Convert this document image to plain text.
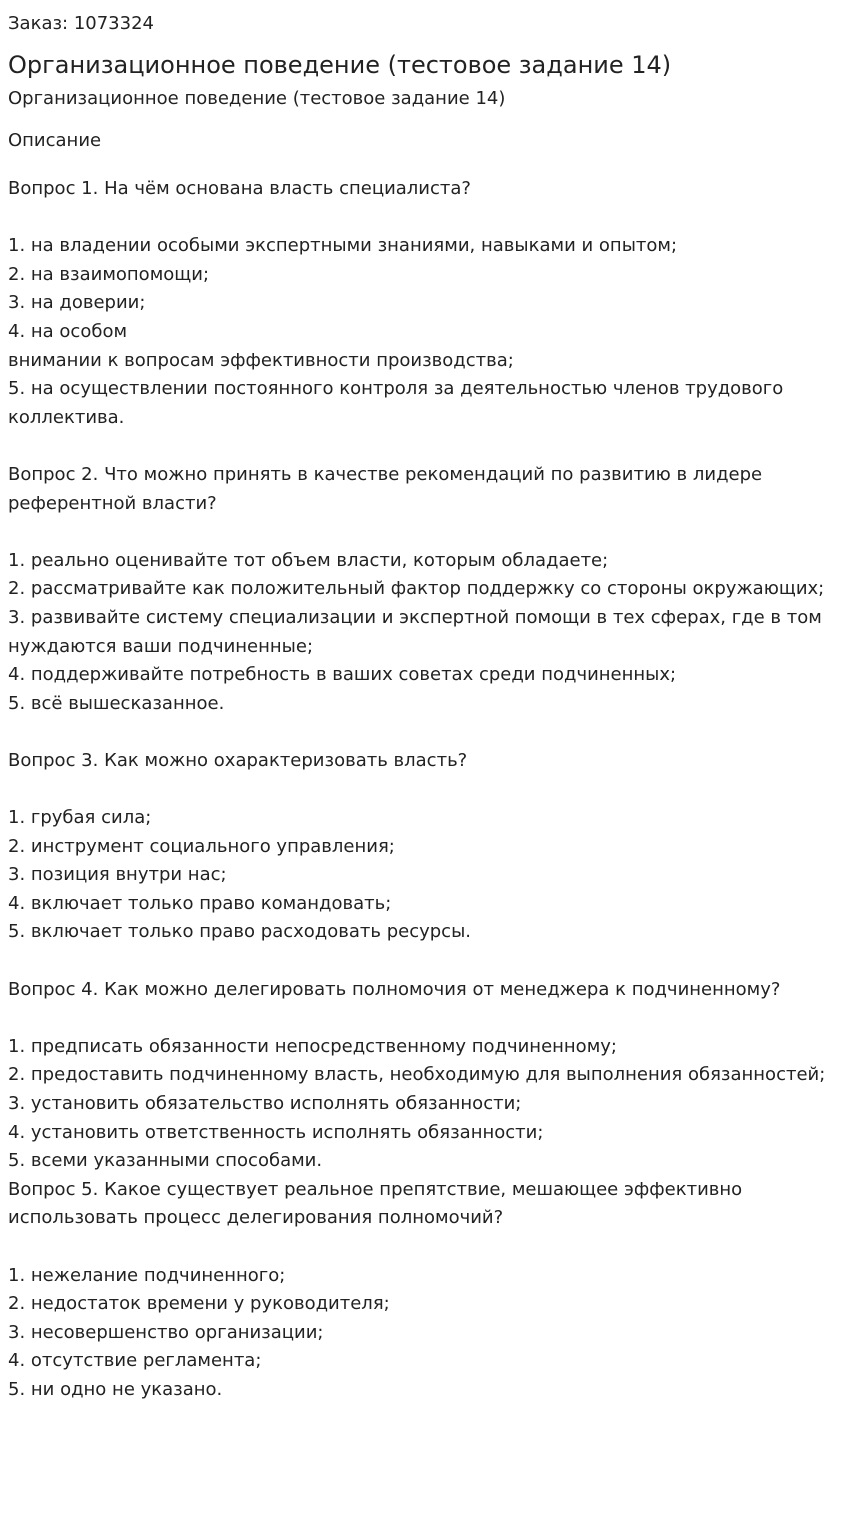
Заказ: 1073324
Организационное поведение (тестовое задание 14)
Организационное поведение (тестовое задание 14)
Описание
Вопрос 1. На чём основана власть специалиста?
1. на владении особыми экспертными знаниями, навыками и опытом;
2. на взаимопомощи;
3. на доверии;
4. на особом
внимании к вопросам эффективности производства;
5. на осуществлении постоянного контроля за деятельностью членов трудового коллектива.
Вопрос 2. Что можно принять в качестве рекомендаций по развитию в лидере референтной власти?
1. реально оценивайте тот объем власти, которым обладаете;
2. рассматривайте как положительный фактор поддержку со стороны окружающих;
3. развивайте систему специализации и экспертной помощи в тех сферах, где в том нуждаются ваши подчиненные;
4. поддерживайте потребность в ваших советах среди подчиненных;
5. всё вышесказанное.
Вопрос 3. Как можно охарактеризовать власть?
1. грубая сила;
2. инструмент социального управления;
3. позиция внутри нас;
4. включает только право командовать;
5. включает только право расходовать ресурсы.
Вопрос 4. Как можно делегировать полномочия от менеджера к подчиненному?
1. предписать обязанности непосредственному подчиненному;
2. предоставить подчиненному власть, необходимую для выполнения обязанностей;
3. установить обязательство исполнять обязанности;
4. установить ответственность исполнять обязанности;
5. всеми указанными способами.
Вопрос 5. Какое существует реальное препятствие, мешающее эффективно использовать процесс делегирования полномочий?
1. нежелание подчиненного;
2. недостаток времени у руководителя;
3. несовершенство организации;
4. отсутствие регламента;
5. ни одно не указано.
